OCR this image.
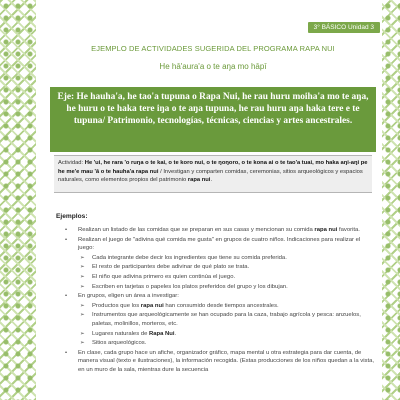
3° BÁSICO Unidad 3
EJEMPLO DE ACTIVIDADES SUGERIDA DEL PROGRAMA RAPA NUI
He hā'aura'a o te aŋa mo hāpī
Eje: He hauha'a, he tao'a tupuna o Rapa Nui, he rau huru moiha'a mo te aŋa, he huru o te haka tere iŋa o te aŋa tupuna, he rau huru aŋa haka tere e te tupuna/ Patrimonio, tecnologías, técnicas, ciencias y artes ancestrales.
Actividad: He 'ui, he rara 'o ruŋa o te kai, o te koro nui, o te ŋoŋoro, o te kona ai o te tao'a tuai, mo haka aŋi-aŋi pe he me'e mau 'ā o te hauha'a rapa nui / Investigan y comparten comidas, ceremonias, sitios arqueológicos y espacios naturales, como elementos propios del patrimonio rapa nui.
Ejemplos:
• Realizan un listado de las comidas que se preparan en sus casas y mencionan su comida rapa nui favorita.
• Realizan el juego de "adivina qué comida me gusta" en grupos de cuatro niños. Indicaciones para realizar el juego:
➢ Cada integrante debe decir los ingredientes que tiene su comida preferida.
➢ El resto de participantes debe adivinar de qué plato se trata.
➢ El niño que adivina primero es quien continúa el juego.
➢ Escriben en tarjetas o papeles los platos preferidos del grupo y los dibujan.
• En grupos, eligen un área a investigar:
➢ Productos que los rapa nui han consumido desde tiempos ancestrales.
➢ Instrumentos que arqueológicamente se han ocupado para la caza, trabajo agrícola y pesca: anzuelos, paletas, molinillos, morteros, etc.
➢ Lugares naturales de Rapa Nui.
➢ Sitios arqueológicos.
• En clase, cada grupo hace un afiche, organizador gráfico, mapa mental u otra estrategia para dar cuenta, de manera visual (texto e ilustraciones), la información recogida. (Estas producciones de los niños quedan a la vista, en un muro de la sala, mientras dure la secuencia
